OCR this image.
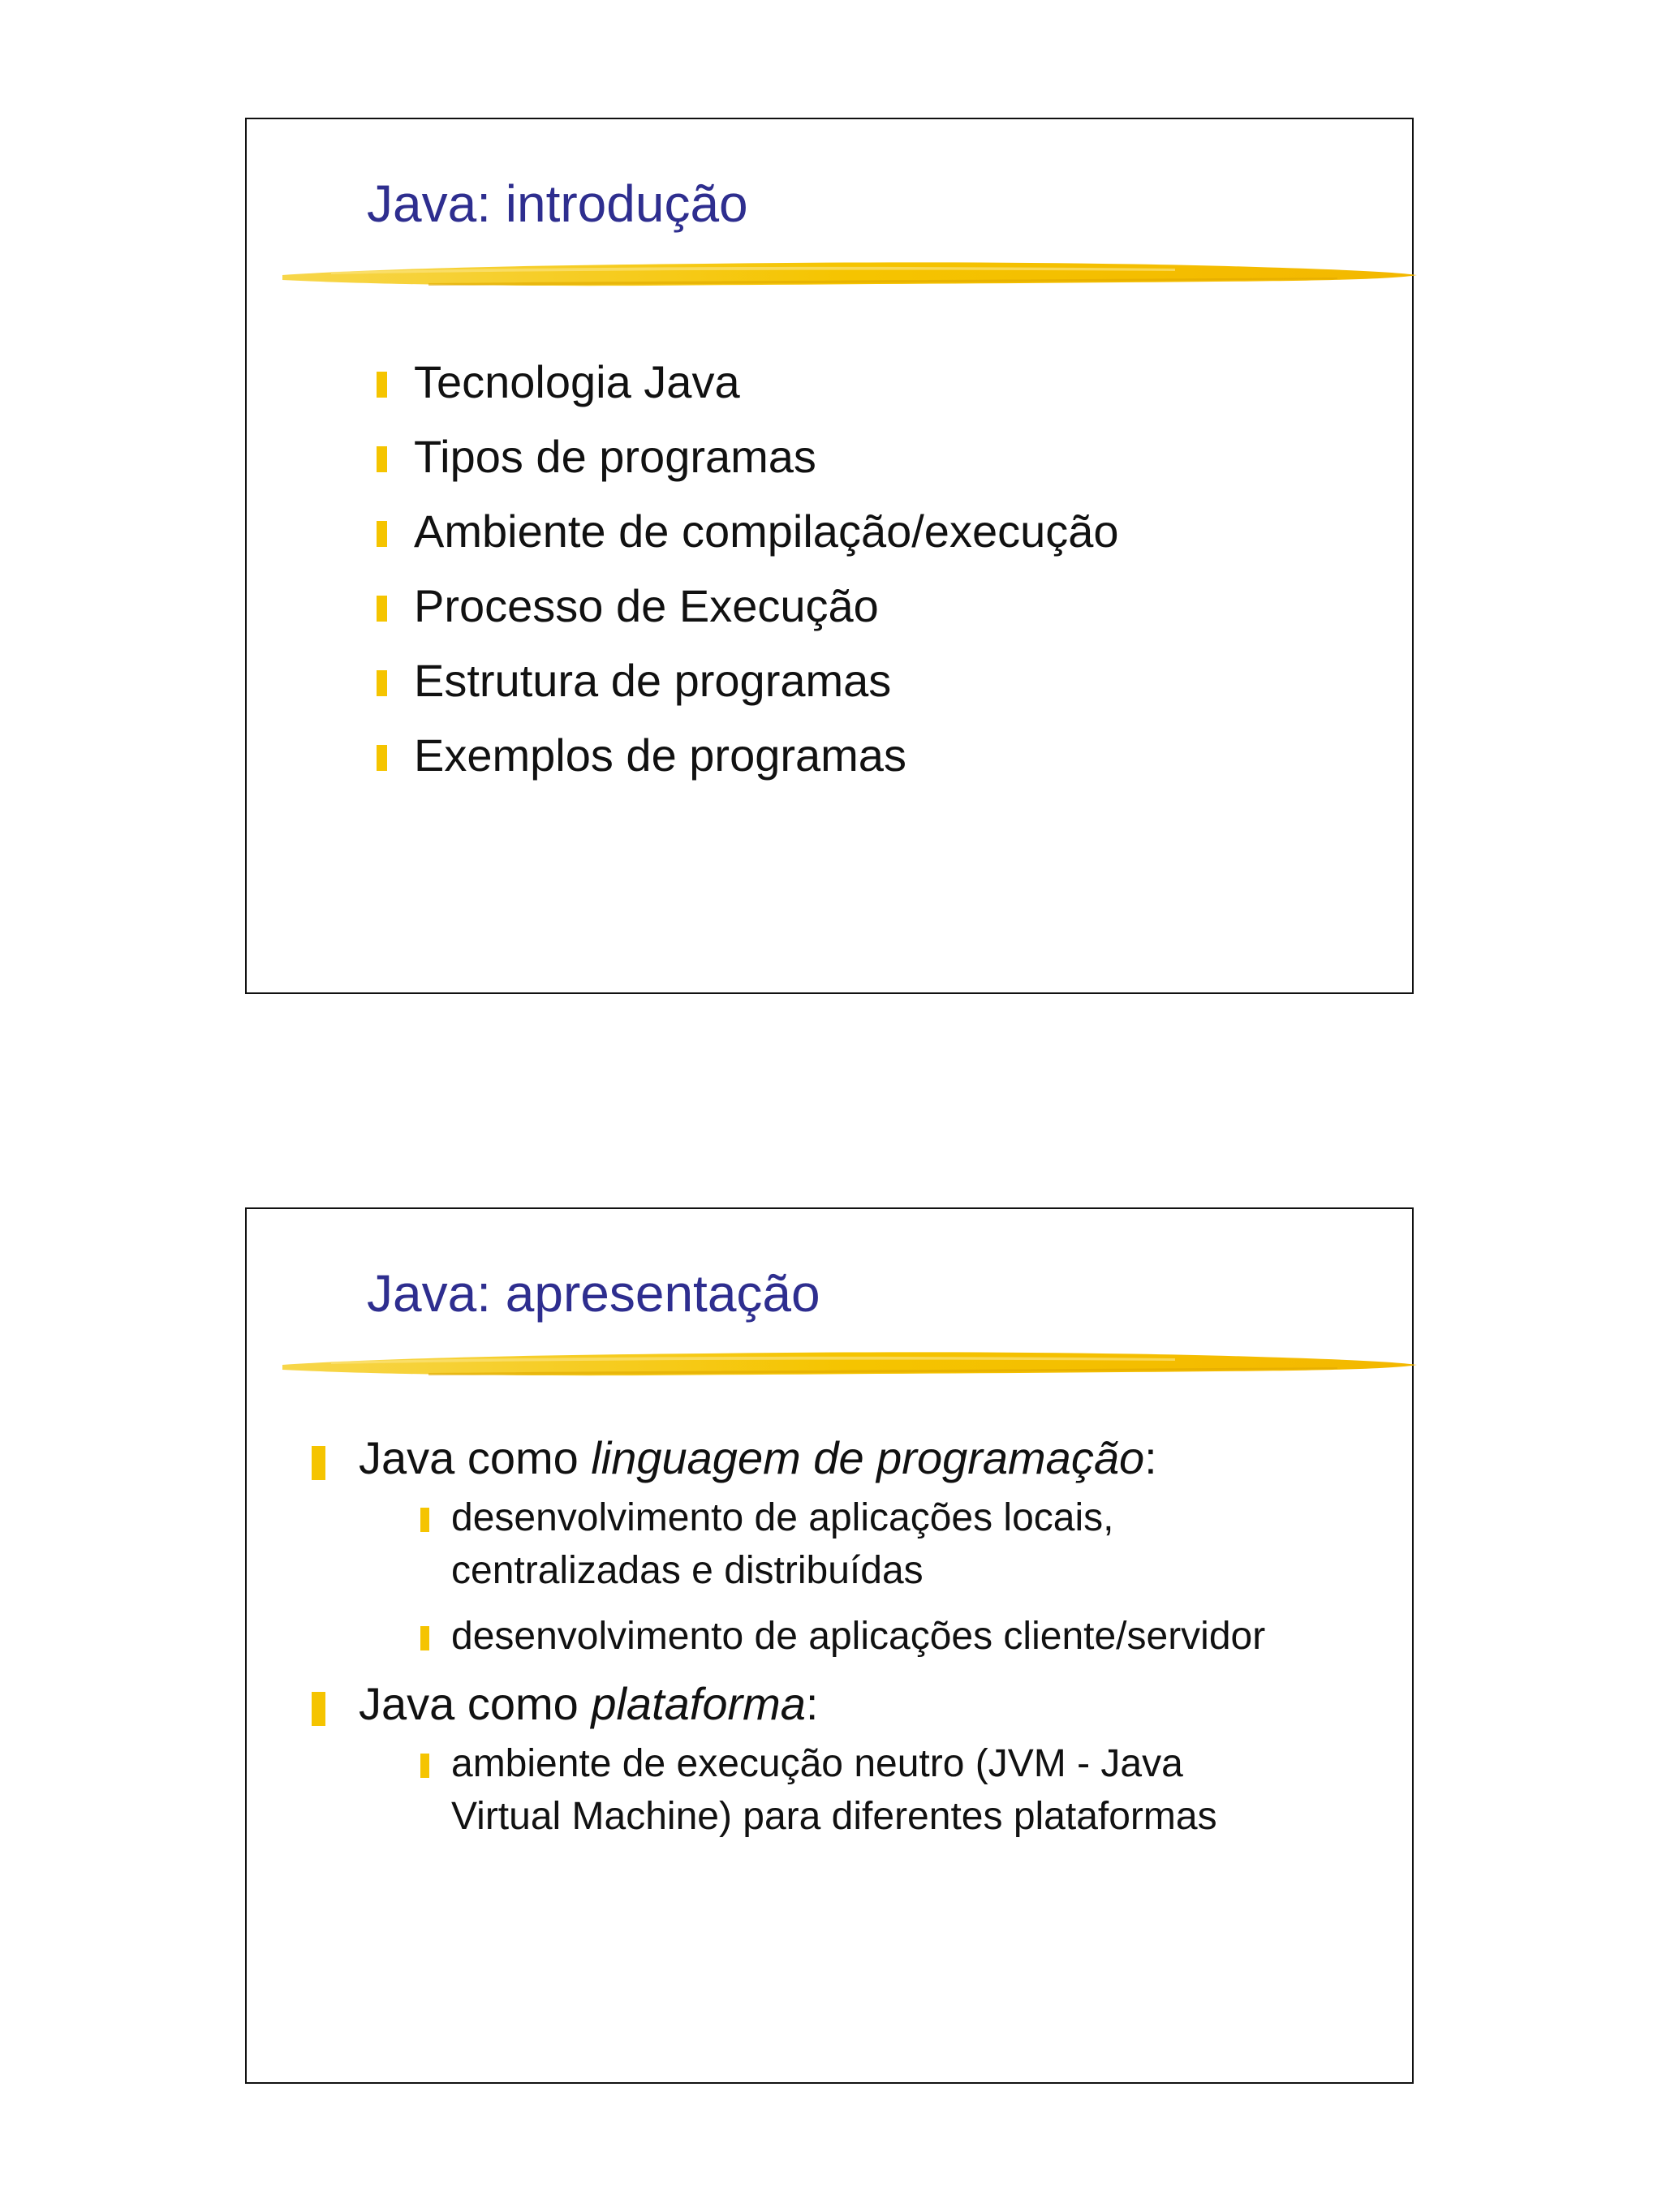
Java: introdução
Tecnologia Java
Tipos de programas
Ambiente de compilação/execução
Processo de Execução
Estrutura de programas
Exemplos de programas
Java: apresentação
Java como linguagem de programação:
desenvolvimento de aplicações locais,
centralizadas e distribuídas
desenvolvimento de aplicações cliente/servidor
Java como plataforma:
ambiente de execução neutro (JVM - Java
Virtual Machine) para diferentes plataformas
